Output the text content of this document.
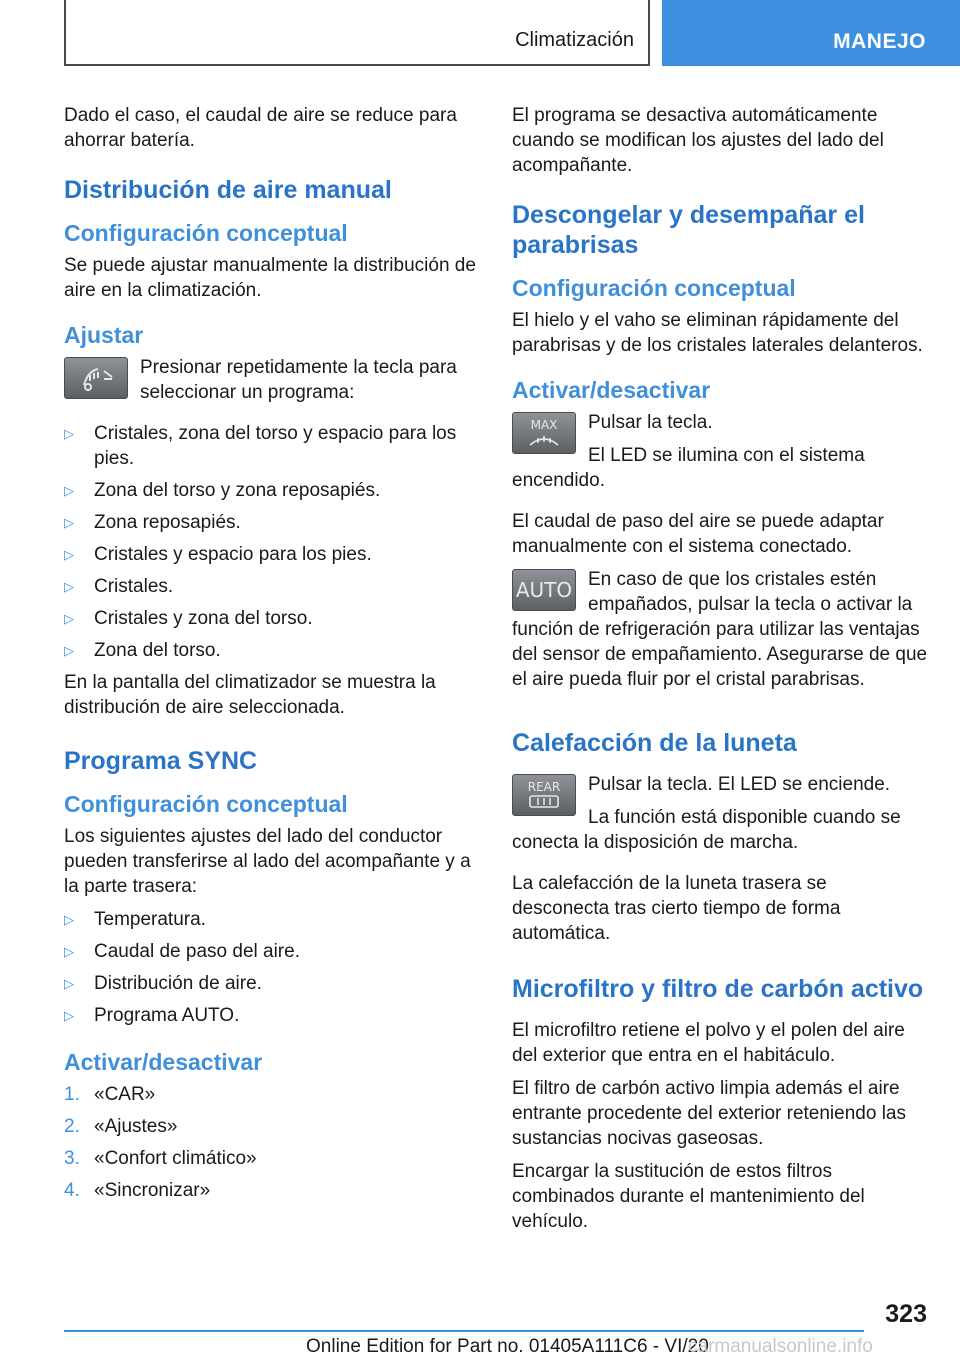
Climatización	MANEJO

Dado el caso, el caudal de aire se reduce para ahorrar batería.

Distribución de aire manual
Configuración conceptual

Se puede ajustar manualmente la distribución de aire en la climatización.

Ajustar

Presionar repetidamente la tecla para seleccionar un programa:

▷ Cristales, zona del torso y espacio para los pies.
▷ Zona del torso y zona reposapiés.
▷ Zona reposapiés.
▷ Cristales y espacio para los pies.
▷ Cristales.
▷ Cristales y zona del torso.
▷ Zona del torso.

En la pantalla del climatizador se muestra la distribución de aire seleccionada.

Programa SYNC
Configuración conceptual

Los siguientes ajustes del lado del conductor pueden transferirse al lado del acompañante y a la parte trasera:

▷ Temperatura.
▷ Caudal de paso del aire.
▷ Distribución de aire.
▷ Programa AUTO.
Activar/desactivar
1. «CAR»
2. «Ajustes»
3. «Confort climático»
4. «Sincronizar»

El programa se desactiva automáticamente cuando se modifican los ajustes del lado del acompañante.

Descongelar y desempañar el parabrisas
Configuración conceptual

El hielo y el vaho se eliminan rápidamente del parabrisas y de los cristales laterales delanteros.

Activar/desactivar
MAX	Pulsar la tecla.

El LED se ilumina con el sistema encendido.

El caudal de paso del aire se puede adaptar manualmente con el sistema conectado.

AUTO En caso de que los cristales estén empañados, pulsar la tecla o activar la función de refrigeración para utilizar las ventajas del sensor de empañamiento. Asegurarse de que el aire pueda fluir por el cristal parabrisas.

Calefacción de la luneta
REAR	Pulsar la tecla. El LED se enciende.

La función está disponible cuando se conecta la disposición de marcha.

La calefacción de la luneta trasera se desconecta tras cierto tiempo de forma automática.

Microfiltro y filtro de carbón activo

El microfiltro retiene el polvo y el polen del aire del exterior que entra en el habitáculo.

El filtro de carbón activo limpia además el aire entrante procedente del exterior reteniendo las sustancias nocivas gaseosas.

Encargar la sustitución de estos filtros combinados durante el mantenimiento del vehículo.

323
Online Edition for Part no. 01405A111C6 - VI/20
carmanualsonline.info
